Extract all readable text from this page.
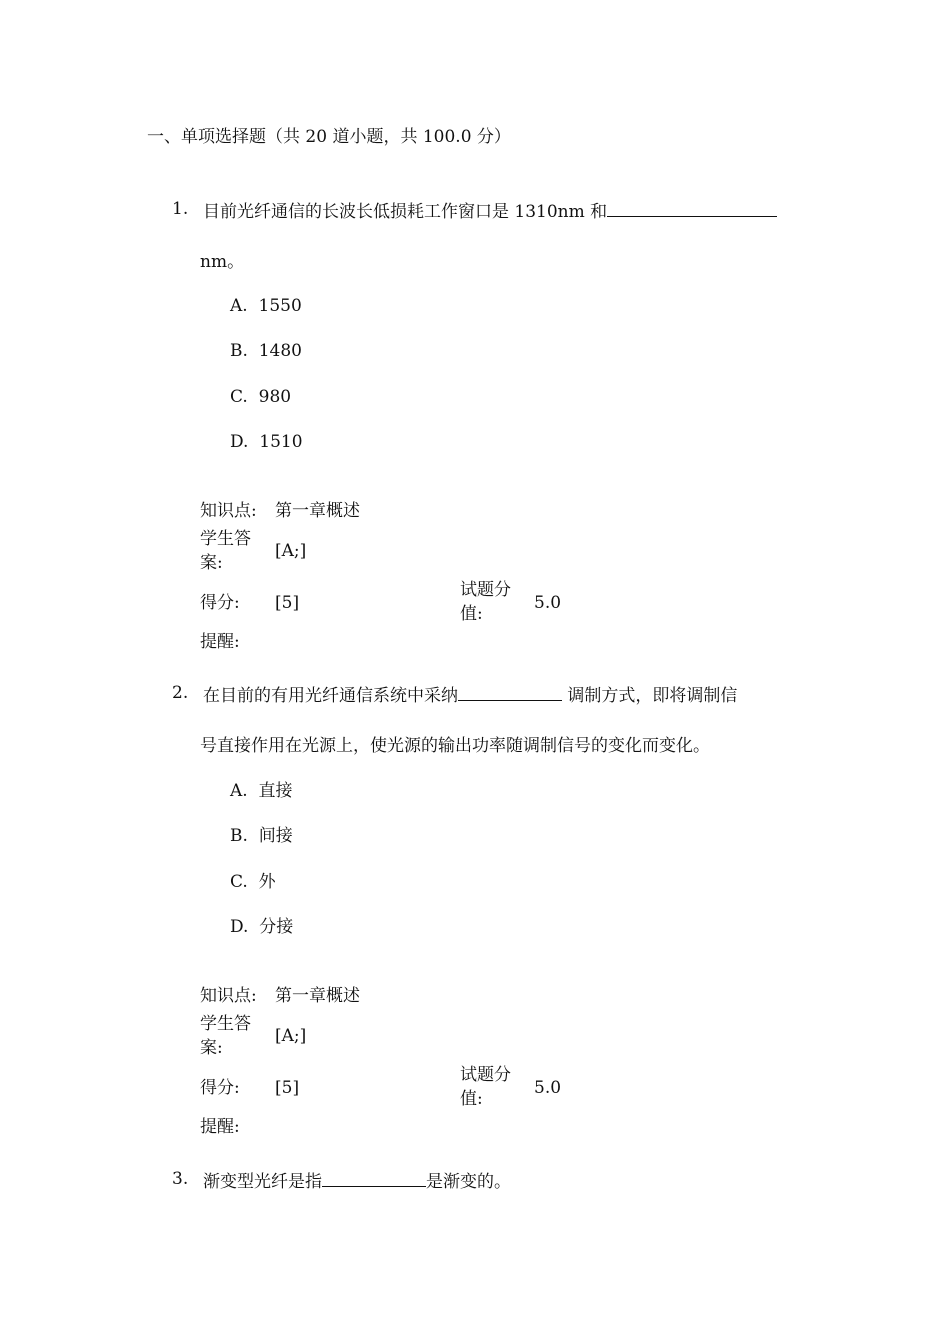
一、单项选择题（共 20 道小题，共 100.0 分）
1. 目前光纤通信的长波长低损耗工作窗口是 1310nm 和
nm。
A. 1550
B. 1480
C. 980
D. 1510
知识点: 第一章概述
学生答案:
[A;]
得分: [5]
试题分值:
5.0
提醒:
2. 在目前的有用光纤通信系统中采纳	调制方式，即将调制信
号直接作用在光源上，使光源的输出功率随调制信号的变化而变化。
A. 直接
B. 间接
C. 外
D. 分接
知识点: 第一章概述
学生答案:
[A;]
得分: [5]
试题分值:
5.0
提醒:
3. 渐变型光纤是指	是渐变的。
